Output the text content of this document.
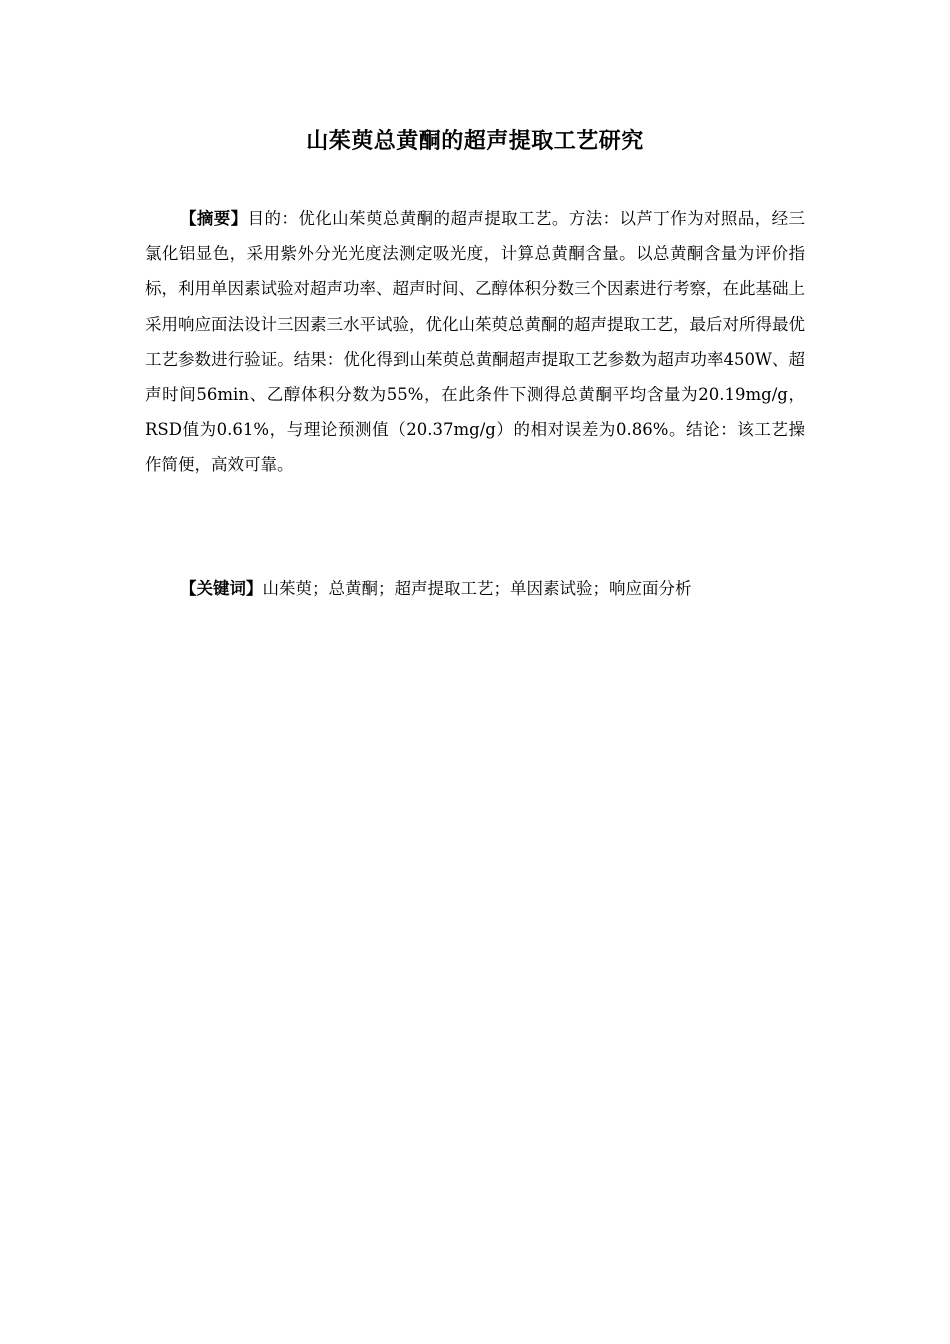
山茱萸总黄酮的超声提取工艺研究

【摘要】目的：优化山茱萸总黄酮的超声提取工艺。方法：以芦丁作为对照品，经三氯化铝显色，采用紫外分光光度法测定吸光度，计算总黄酮含量。以总黄酮含量为评价指标，利用单因素试验对超声功率、超声时间、乙醇体积分数三个因素进行考察，在此基础上采用响应面法设计三因素三水平试验，优化山茱萸总黄酮的超声提取工艺，最后对所得最优工艺参数进行验证。结果：优化得到山茱萸总黄酮超声提取工艺参数为超声功率450W、超声时间56min、乙醇体积分数为55%，在此条件下测得总黄酮平均含量为20.19mg/g，RSD值为0.61%，与理论预测值（20.37mg/g）的相对误差为0.86%。结论：该工艺操作简便，高效可靠。

【关键词】山茱萸；总黄酮；超声提取工艺；单因素试验；响应面分析
